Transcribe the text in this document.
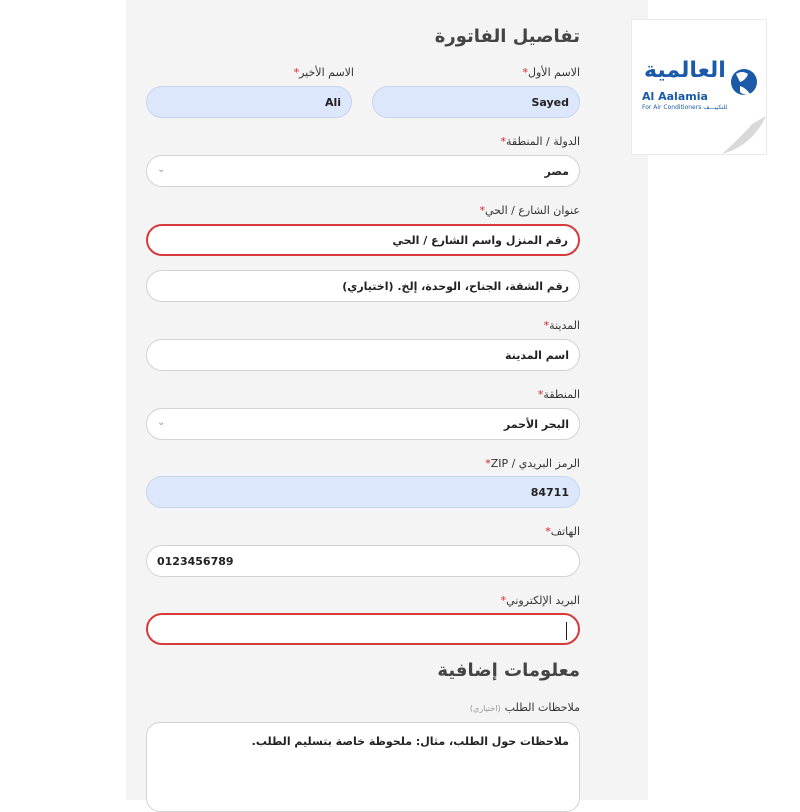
تفاصيل الفاتورة
الاسم الأول*
الاسم الأخير*
Sayed
Ali
الدولة / المنطقة*
مصر
⌄
عنوان الشارع / الحي*
رقم المنزل واسم الشارع / الحي
رقم الشقة، الجناح، الوحدة، إلخ. (اختياري)
المدينة*
اسم المدينة
المنطقة*
البحر الأحمر
⌄
الرمز البريدي / ZIP*
84711
الهاتف*
0123456789
البريد الإلكتروني*
معلومات إضافية
ملاحظات الطلب(اختياري)
ملاحظات حول الطلب، مثال: ملحوظة خاصة بتسليم الطلب.
العالمية
Al Aalamia
For Air Conditioners للتكييـــف
